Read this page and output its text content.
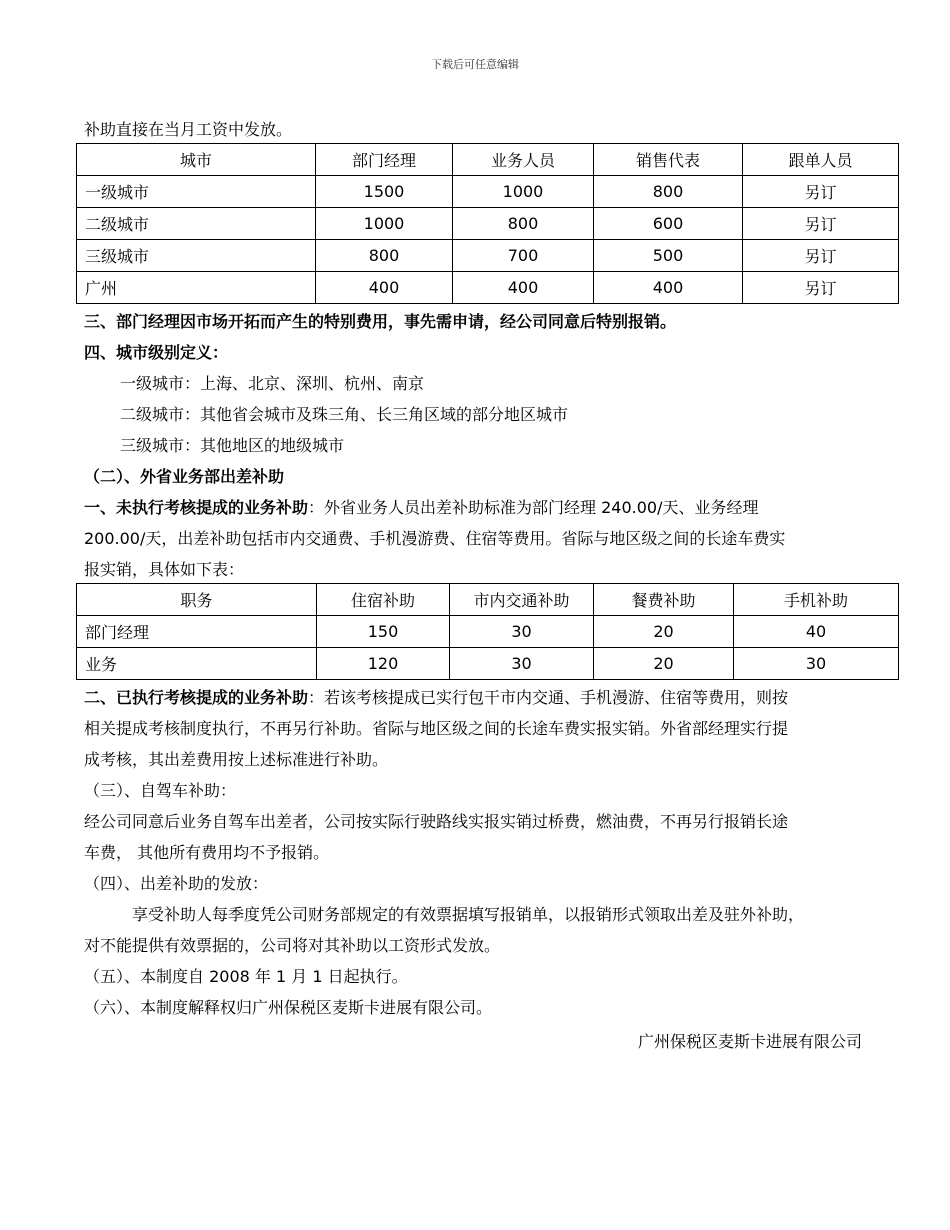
下载后可任意编辑
补助直接在当月工资中发放。
城市	部门经理	业务人员	销售代表	跟单人员
一级城市	1500	1000	800	另订
二级城市	1000	800	600	另订
三级城市	800	700	500	另订
广州	400	400	400	另订
三、部门经理因市场开拓而产生的特别费用，事先需申请，经公司同意后特别报销。
四、城市级别定义：
一级城市：上海、北京、深圳、杭州、南京
二级城市：其他省会城市及珠三角、长三角区域的部分地区城市
三级城市：其他地区的地级城市
（二）、外省业务部出差补助
一、未执行考核提成的业务补助：外省业务人员出差补助标准为部门经理 240.00/天、业务经理
200.00/天，出差补助包括市内交通费、手机漫游费、住宿等费用。省际与地区级之间的长途车费实
报实销，具体如下表：
职务	住宿补助	市内交通补助	餐费补助	手机补助
部门经理	150	30	20	40
业务	120	30	20	30
二、已执行考核提成的业务补助：若该考核提成已实行包干市内交通、手机漫游、住宿等费用，则按
相关提成考核制度执行，不再另行补助。省际与地区级之间的长途车费实报实销。外省部经理实行提
成考核，其出差费用按上述标准进行补助。
（三）、自驾车补助：
经公司同意后业务自驾车出差者，公司按实际行驶路线实报实销过桥费，燃油费，不再另行报销长途
车费， 其他所有费用均不予报销。
（四）、出差补助的发放：
享受补助人每季度凭公司财务部规定的有效票据填写报销单，以报销形式领取出差及驻外补助，
对不能提供有效票据的，公司将对其补助以工资形式发放。
（五）、本制度自 2008 年 1 月 1 日起执行。
（六）、本制度解释权归广州保税区麦斯卡进展有限公司。
广州保税区麦斯卡进展有限公司
